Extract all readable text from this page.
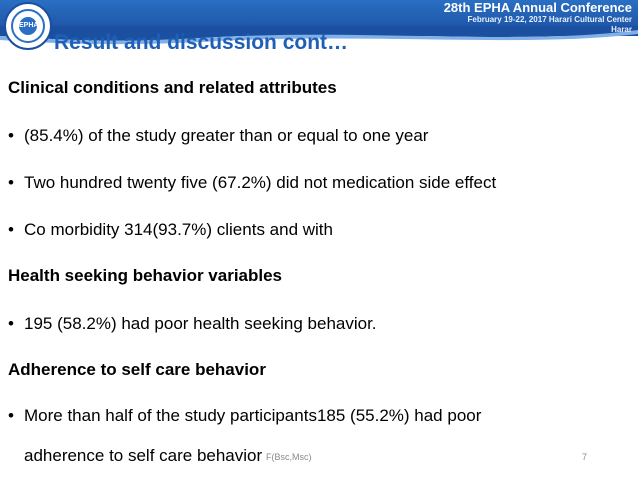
EPHA
28th EPHA Annual Conference
February 19-22, 2017 Harari Cultural Center
Harar
Result and discussion cont…
Clinical conditions and related attributes
• (85.4%) of the study greater than or equal to one year
• Two hundred twenty five (67.2%) did not medication side effect
• Co morbidity 314(93.7%) clients and with
Health seeking behavior variables
• 195 (58.2%) had poor health seeking behavior.
Adherence to self care behavior
• More than half of the study participants185 (55.2%) had poor
adherence to self care behavior F(Bsc,Msc)	7
